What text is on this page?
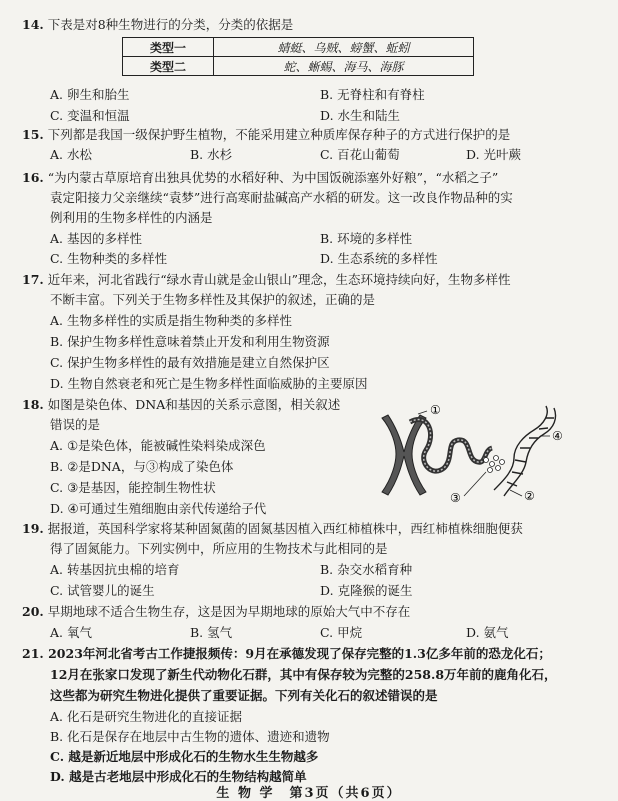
14. 下表是对8种生物进行的分类，分类的依据是
类型一	蜻蜓、乌贼、螃蟹、蚯蚓
类型二	蛇、蜥蜴、海马、海豚
A. 卵生和胎生	B. 无脊柱和有脊柱
C. 变温和恒温	D. 水生和陆生
15. 下列都是我国一级保护野生植物，不能采用建立种质库保存种子的方式进行保护的是
A. 水松	B. 水杉	C. 百花山葡萄	D. 光叶蕨
16. “为内蒙古草原培育出独具优势的水稻好种、为中国饭碗添塞外好粮”，“水稻之子”
袁定阳接力父亲继续“袁梦”进行高寒耐盐碱高产水稻的研发。这一改良作物品种的实
例利用的生物多样性的内涵是
A. 基因的多样性	B. 环境的多样性
C. 生物种类的多样性	D. 生态系统的多样性
17. 近年来，河北省践行“绿水青山就是金山银山”理念，生态环境持续向好，生物多样性
不断丰富。下列关于生物多样性及其保护的叙述，正确的是
A. 生物多样性的实质是指生物种类的多样性
B. 保护生物多样性意味着禁止开发和利用生物资源
C. 保护生物多样性的最有效措施是建立自然保护区
D. 生物自然衰老和死亡是生物多样性面临威胁的主要原因
18. 如图是染色体、DNA和基因的关系示意图，相关叙述
错误的是
A. ①是染色体，能被碱性染料染成深色
B. ②是DNA，与③构成了染色体
C. ③是基因，能控制生物性状
D. ④可通过生殖细胞由亲代传递给子代
①
②
③
④
19. 据报道，英国科学家将某种固氮菌的固氮基因植入西红柿植株中，西红柿植株细胞便获
得了固氮能力。下列实例中，所应用的生物技术与此相同的是
A. 转基因抗虫棉的培育	B. 杂交水稻育种
C. 试管婴儿的诞生	D. 克隆猴的诞生
20. 早期地球不适合生物生存，这是因为早期地球的原始大气中不存在
A. 氧气	B. 氢气	C. 甲烷	D. 氨气
21. 2023年河北省考古工作捷报频传：9月在承德发现了保存完整的1.3亿多年前的恐龙化石；
12月在张家口发现了新生代动物化石群，其中有保存较为完整的258.8万年前的鹿角化石，
这些都为研究生物进化提供了重要证据。下列有关化石的叙述错误的是
A. 化石是研究生物进化的直接证据
B. 化石是保存在地层中古生物的遗体、遗迹和遗物
C. 越是新近地层中形成化石的生物水生生物越多
D. 越是古老地层中形成化石的生物结构越简单
生 物 学　第3页（共6页）
